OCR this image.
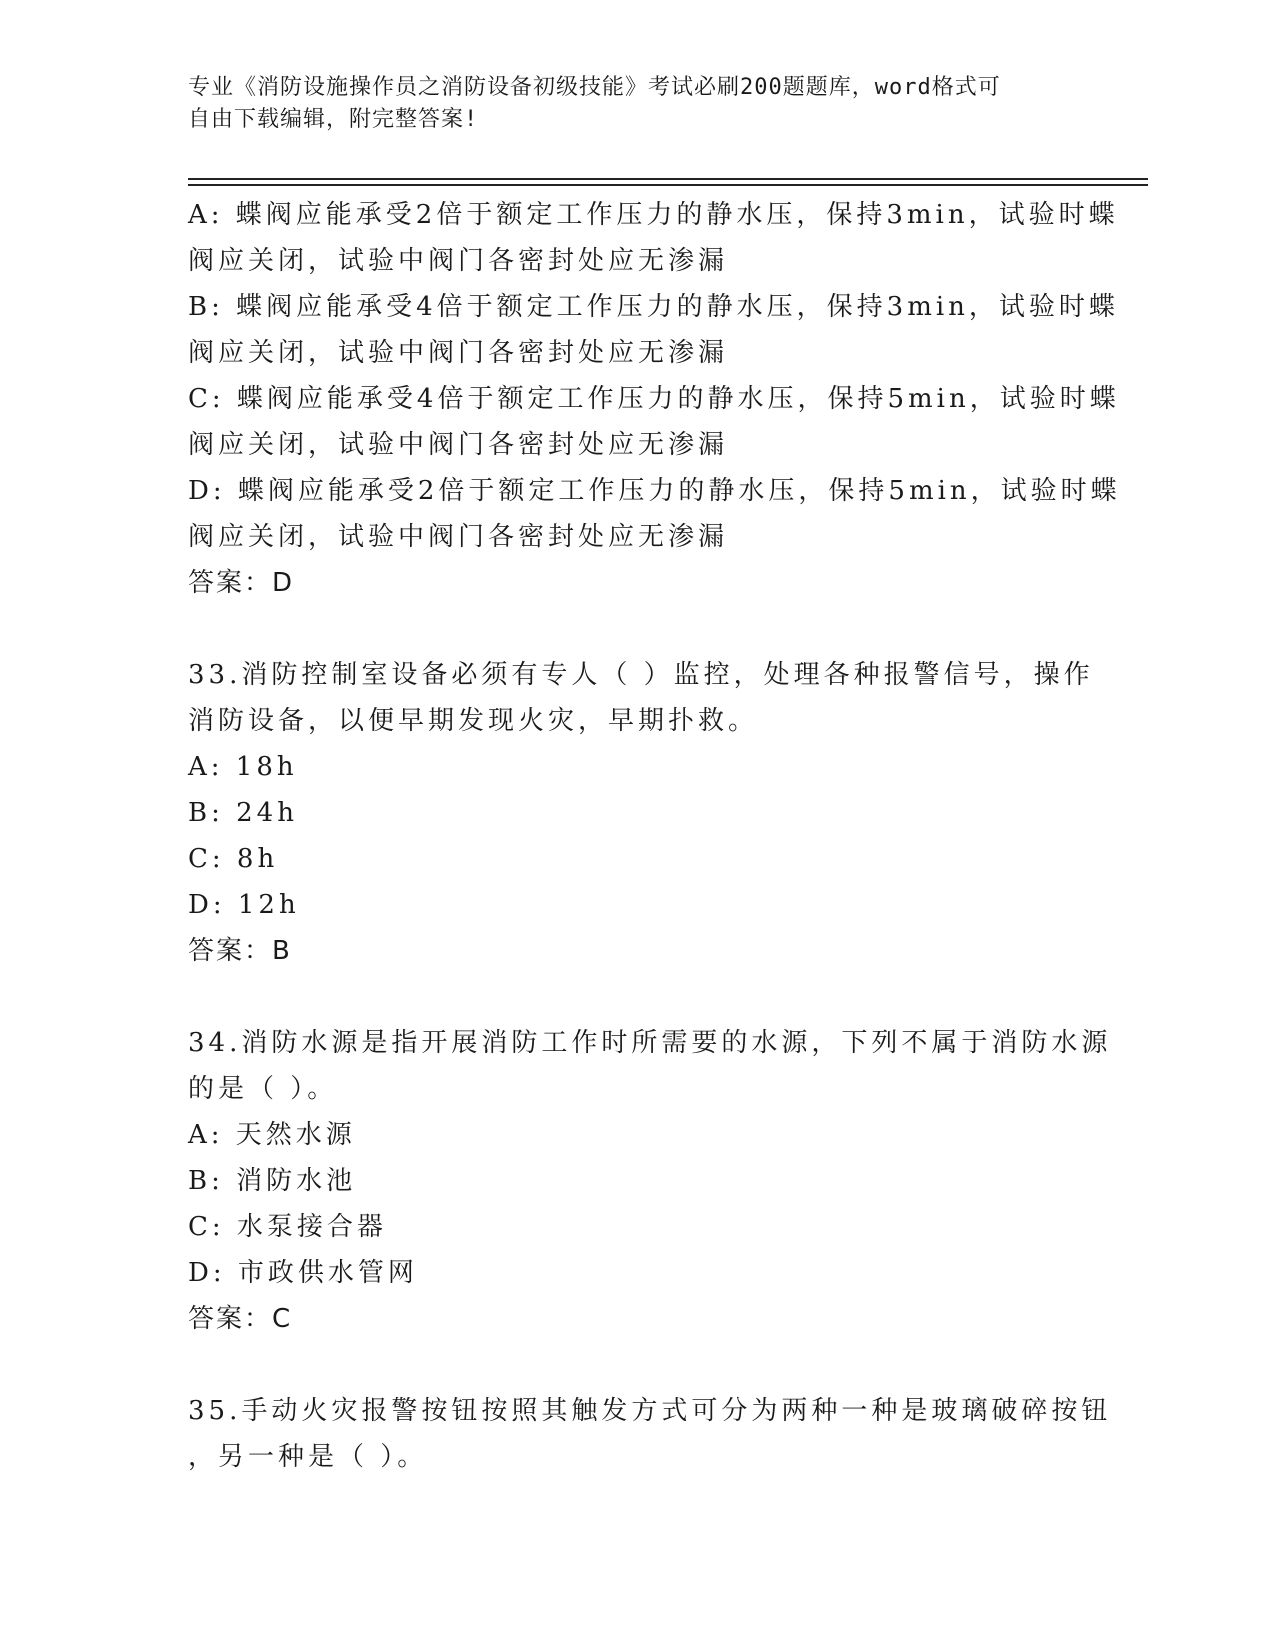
专业《消防设施操作员之消防设备初级技能》考试必刷200题题库，word格式可
自由下载编辑，附完整答案!
A: 蝶阀应能承受2倍于额定工作压力的静水压，保持3min，试验时蝶
阀应关闭，试验中阀门各密封处应无渗漏
B: 蝶阀应能承受4倍于额定工作压力的静水压，保持3min，试验时蝶
阀应关闭，试验中阀门各密封处应无渗漏
C: 蝶阀应能承受4倍于额定工作压力的静水压，保持5min，试验时蝶
阀应关闭，试验中阀门各密封处应无渗漏
D: 蝶阀应能承受2倍于额定工作压力的静水压，保持5min，试验时蝶
阀应关闭，试验中阀门各密封处应无渗漏
答案：D
33.消防控制室设备必须有专人（ ）监控，处理各种报警信号，操作
消防设备，以便早期发现火灾，早期扑救。
A: 18h
B: 24h
C: 8h
D: 12h
答案：B
34.消防水源是指开展消防工作时所需要的水源，下列不属于消防水源
的是（ ）。
A: 天然水源
B: 消防水池
C: 水泵接合器
D: 市政供水管网
答案：C
35.手动火灾报警按钮按照其触发方式可分为两种一种是玻璃破碎按钮
，另一种是（ ）。
